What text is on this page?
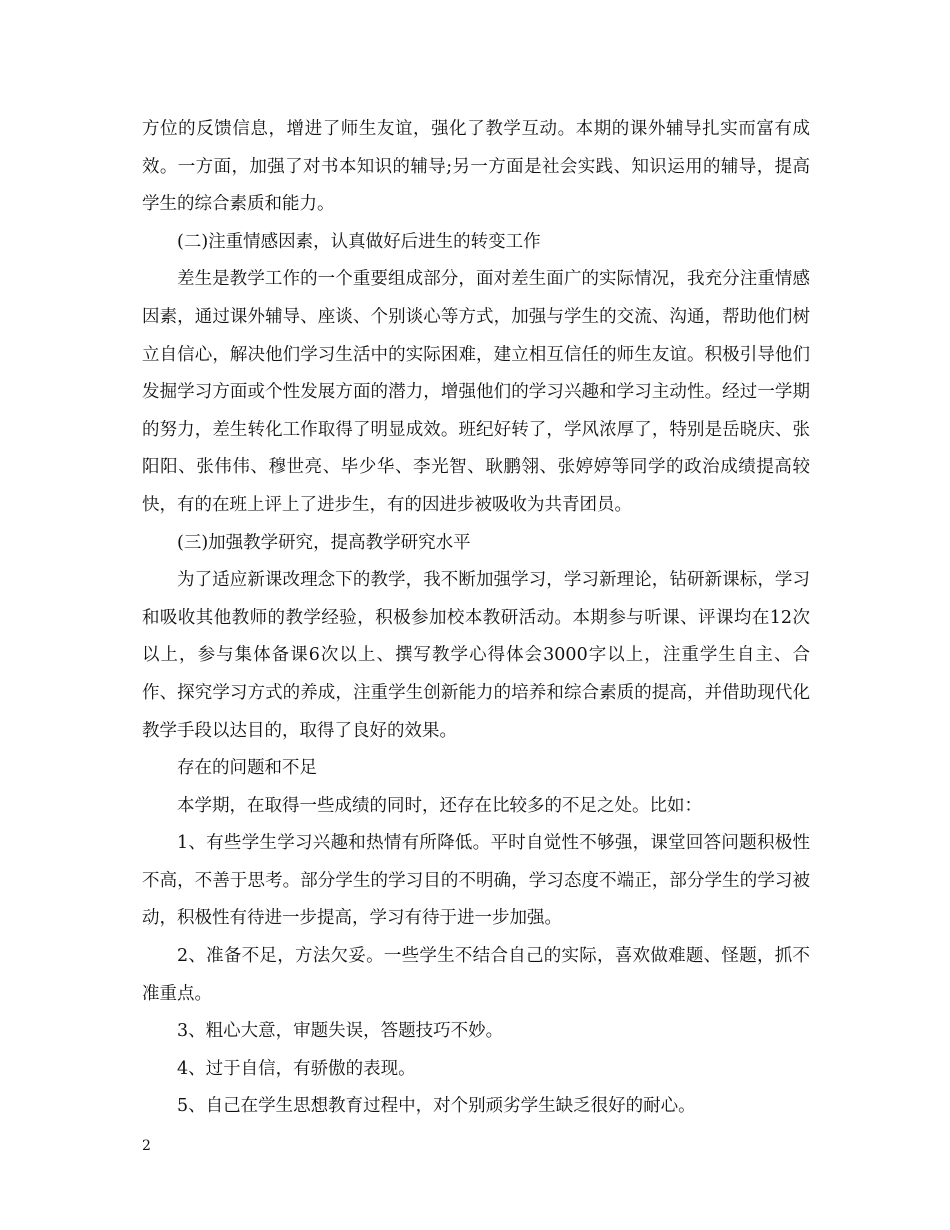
方位的反馈信息，增进了师生友谊，强化了教学互动。本期的课外辅导扎实而富有成效。一方面，加强了对书本知识的辅导;另一方面是社会实践、知识运用的辅导，提高学生的综合素质和能力。

(二)注重情感因素，认真做好后进生的转变工作

差生是教学工作的一个重要组成部分，面对差生面广的实际情况，我充分注重情感因素，通过课外辅导、座谈、个别谈心等方式，加强与学生的交流、沟通，帮助他们树立自信心，解决他们学习生活中的实际困难，建立相互信任的师生友谊。积极引导他们发掘学习方面或个性发展方面的潜力，增强他们的学习兴趣和学习主动性。经过一学期的努力，差生转化工作取得了明显成效。班纪好转了，学风浓厚了，特别是岳晓庆、张阳阳、张伟伟、穆世亮、毕少华、李光智、耿鹏翎、张婷婷等同学的政治成绩提高较快，有的在班上评上了进步生，有的因进步被吸收为共青团员。

(三)加强教学研究，提高教学研究水平

为了适应新课改理念下的教学，我不断加强学习，学习新理论，钻研新课标，学习和吸收其他教师的教学经验，积极参加校本教研活动。本期参与听课、评课均在12次以上，参与集体备课6次以上、撰写教学心得体会3000字以上，注重学生自主、合作、探究学习方式的养成，注重学生创新能力的培养和综合素质的提高，并借助现代化教学手段以达目的，取得了良好的效果。

存在的问题和不足

本学期，在取得一些成绩的同时，还存在比较多的不足之处。比如：

1、有些学生学习兴趣和热情有所降低。平时自觉性不够强，课堂回答问题积极性不高，不善于思考。部分学生的学习目的不明确，学习态度不端正，部分学生的学习被动，积极性有待进一步提高，学习有待于进一步加强。

2、准备不足，方法欠妥。一些学生不结合自己的实际，喜欢做难题、怪题，抓不准重点。

3、粗心大意，审题失误，答题技巧不妙。

4、过于自信，有骄傲的表现。

5、自己在学生思想教育过程中，对个别顽劣学生缺乏很好的耐心。

2
